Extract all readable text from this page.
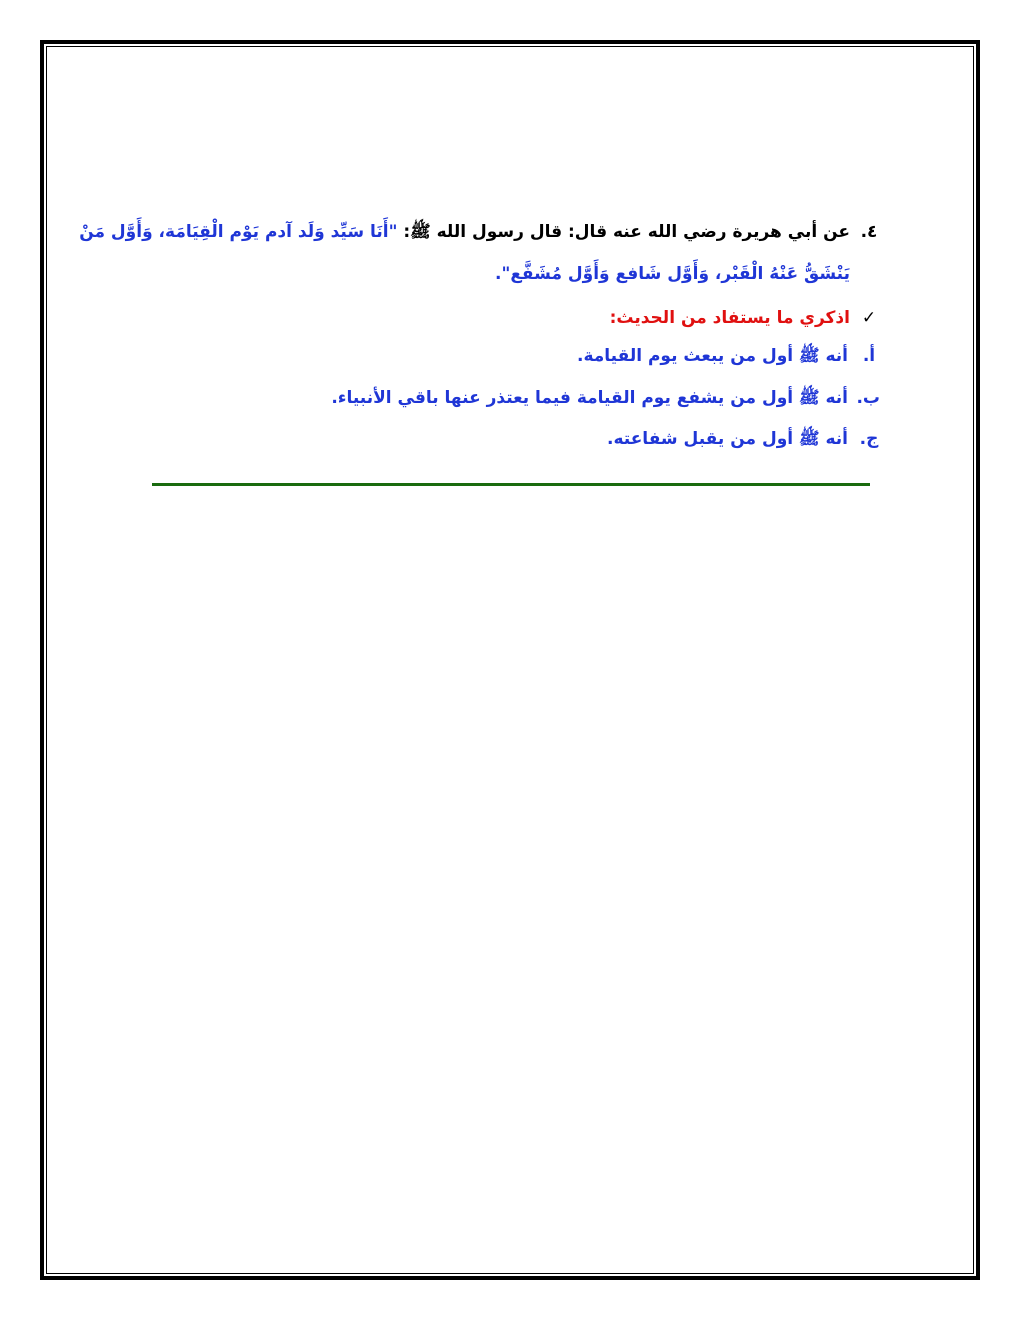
٤.عن أبي هريرة رضي الله عنه قال: قال رسول الله ﷺ: "أَنَا سَيِّد وَلَد آدم يَوْم الْقِيَامَة، وَأَوَّل مَنْ
يَنْشَقُّ عَنْهُ الْقَبْر، وَأَوَّل شَافع وَأَوَّل مُشَفَّع".
✓اذكري ما يستفاد من الحديث:
أ.أنه ﷺ أول من يبعث يوم القيامة.
ب.أنه ﷺ أول من يشفع يوم القيامة فيما يعتذر عنها باقي الأنبياء.
ج.أنه ﷺ أول من يقبل شفاعته.
